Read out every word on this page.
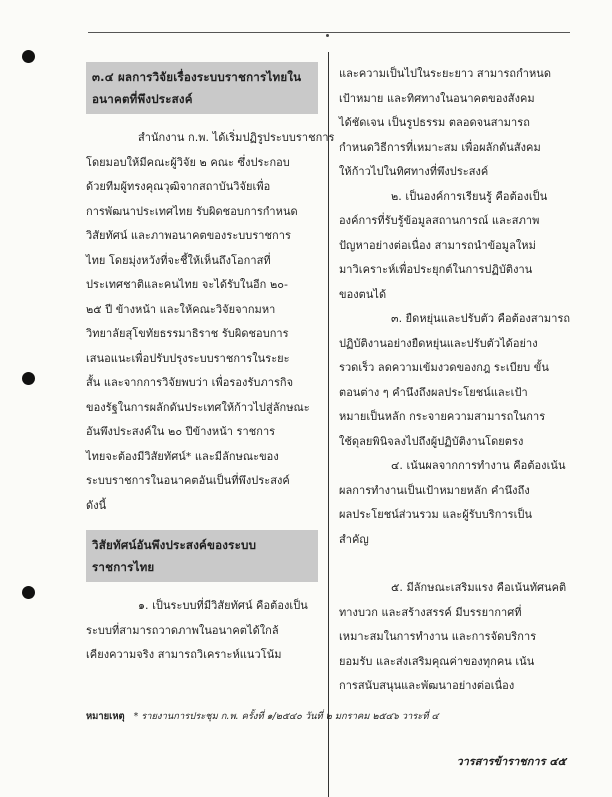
๓.๔ ผลการวิจัยเรื่องระบบราชการไทยใน
อนาคตที่พึงประสงค์
สำนักงาน ก.พ. ได้เริ่มปฏิรูประบบราชการ
โดยมอบให้มีคณะผู้วิจัย ๒ คณะ ซึ่งประกอบ
ด้วยทีมผู้ทรงคุณวุฒิจากสถาบันวิจัยเพื่อ
การพัฒนาประเทศไทย รับผิดชอบการกำหนด
วิสัยทัศน์ และภาพอนาคตของระบบราชการ
ไทย โดยมุ่งหวังที่จะชี้ให้เห็นถึงโอกาสที่
ประเทศชาติและคนไทย จะได้รับในอีก ๒๐-
๒๕ ปี ข้างหน้า และให้คณะวิจัยจากมหา
วิทยาลัยสุโขทัยธรรมาธิราช รับผิดชอบการ
เสนอแนะเพื่อปรับปรุงระบบราชการในระยะ
สั้น และจากการวิจัยพบว่า เพื่อรองรับภารกิจ
ของรัฐในการผลักดันประเทศให้ก้าวไปสู่ลักษณะ
อันพึงประสงค์ใน ๒๐ ปีข้างหน้า ราชการ
ไทยจะต้องมีวิสัยทัศน์* และมีลักษณะของ
ระบบราชการในอนาคตอันเป็นที่พึงประสงค์
ดังนี้
วิสัยทัศน์อันพึงประสงค์ของระบบ
ราชการไทย
๑. เป็นระบบที่มีวิสัยทัศน์ คือต้องเป็น
ระบบที่สามารถวาดภาพในอนาคตได้ใกล้
เคียงความจริง สามารถวิเคราะห์แนวโน้ม
และความเป็นไปในระยะยาว สามารถกำหนด
เป้าหมาย และทิศทางในอนาคตของสังคม
ได้ชัดเจน เป็นรูปธรรม ตลอดจนสามารถ
กำหนดวิธีการที่เหมาะสม เพื่อผลักดันสังคม
ให้ก้าวไปในทิศทางที่พึงประสงค์
๒. เป็นองค์การเรียนรู้ คือต้องเป็น
องค์การที่รับรู้ข้อมูลสถานการณ์ และสภาพ
ปัญหาอย่างต่อเนื่อง สามารถนำข้อมูลใหม่
มาวิเคราะห์เพื่อประยุกต์ในการปฏิบัติงาน
ของตนได้
๓. ยืดหยุ่นและปรับตัว คือต้องสามารถ
ปฏิบัติงานอย่างยืดหยุ่นและปรับตัวได้อย่าง
รวดเร็ว ลดความเข้มงวดของกฎ ระเบียบ ขั้น
ตอนต่าง ๆ คำนึงถึงผลประโยชน์และเป้า
หมายเป็นหลัก กระจายความสามารถในการ
ใช้ดุลยพินิจลงไปถึงผู้ปฏิบัติงานโดยตรง
๔. เน้นผลจากการทำงาน คือต้องเน้น
ผลการทำงานเป็นเป้าหมายหลัก คำนึงถึง
ผลประโยชน์ส่วนรวม และผู้รับบริการเป็น
สำคัญ
๕. มีลักษณะเสริมแรง คือเน้นทัศนคติ
ทางบวก และสร้างสรรค์ มีบรรยากาศที่
เหมาะสมในการทำงาน และการจัดบริการ
ยอมรับ และส่งเสริมคุณค่าของทุกคน เน้น
การสนับสนุนและพัฒนาอย่างต่อเนื่อง
หมายเหตุ * รายงานการประชุม ก.พ. ครั้งที่ ๑/๒๕๔๐ วันที่ ๒ มกราคม ๒๕๔๖ วาระที่ ๔
วารสารข้าราชการ ๔๕
